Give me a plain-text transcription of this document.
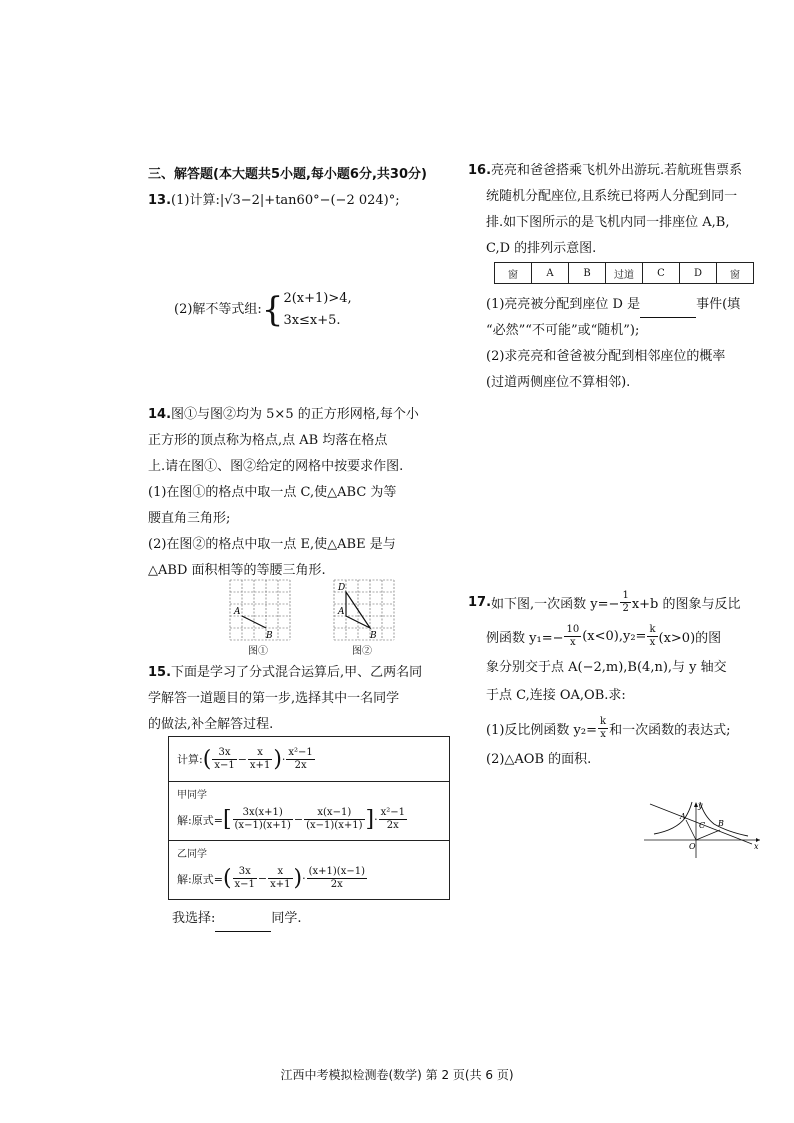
三、解答题(本大题共5小题,每小题6分,共30分)
13.(1)计算:|√3−2|+tan60°−(−2 024)°;
(2)解不等式组:{ 2(x+1)>4,
3x≤x+5.
14.图①与图②均为 5×5 的正方形网格,每个小
正方形的顶点称为格点,点 AB 均落在格点
上.请在图①、图②给定的网格中按要求作图.
(1)在图①的格点中取一点 C,使△ABC 为等
腰直角三角形;
(2)在图②的格点中取一点 E,使△ABE 是与
△ABD 面积相等的等腰三角形.
A
B
图①
D
A
B
图②
15.下面是学习了分式混合运算后,甲、乙两名同
学解答一道题目的第一步,选择其中一名同学
的做法,补全解答过程.
计算: ( $\frac{3x}{x-1} - \frac{x}{x+1}$ ) · $\frac{\text{x²−1}}{2x}$
甲同学
解:原式= [ $\frac{3x(x+1)}{(x-1)(x+1)} - \frac{x(x-1)}{(x-1)(x+1)}$ ] · $\frac{\text{x²−1}}{2x}$
乙同学
解:原式= ( $\frac{3x}{x-1} - \frac{x}{x+1}$ ) · $\frac{(x+1)(x-1)}{2x}$
我选择:	同学.
16.亮亮和爸爸搭乘飞机外出游玩.若航班售票系
统随机分配座位,且系统已将两人分配到同一
排.如下图所示的是飞机内同一排座位 A,B,
C,D 的排列示意图.
窗	A	B	过道	C	D	窗
(1)亮亮被分配到座位 D 是	事件(填
“必然”“不可能”或“随机”);
(2)求亮亮和爸爸被分配到相邻座位的概率
(过道两侧座位不算相邻).
17. 如下图,一次函数 $y=- \frac{1}{2} x+b$ 的图象与反比
例函数 $y_1=- \frac{10}{x} (x<0),y_2= \frac{k}{x} (x>0)$的图
象分别交于点 A(−2,m),B(4,n),与 y 轴交
于点 C,连接 OA,OB.求:
(1)反比例函数 $y_2= \frac{k}{x}$ 和一次函数的表达式;
(2)△AOB 的面积.
A
B
C
O
y
x
江西中考模拟检测卷(数学) 第 2 页(共 6 页)
